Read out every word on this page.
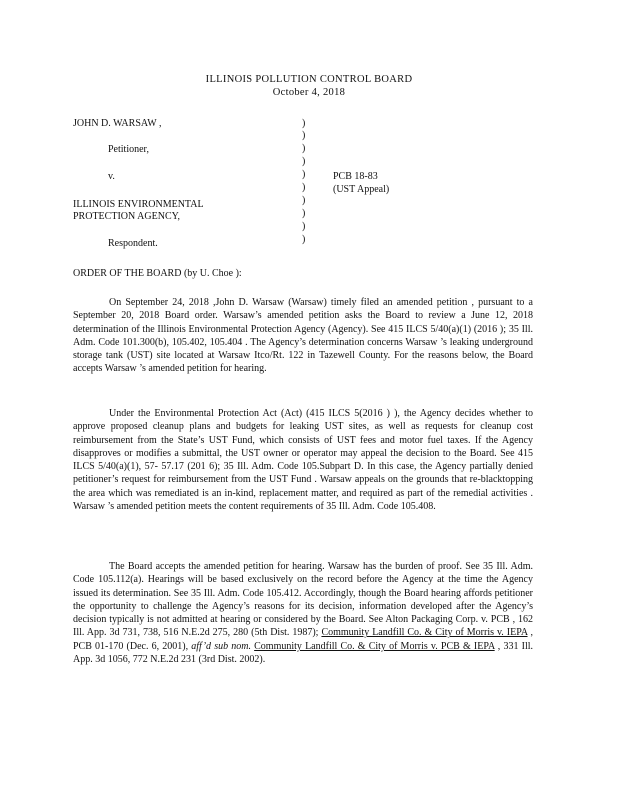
ILLINOIS POLLUTION CONTROL BOARD
October 4, 2018
JOHN D. WARSAW ,
Petitioner,
v.
ILLINOIS ENVIRONMENTAL
PROTECTION AGENCY,
Respondent.
)
)
)
)
)
)
)
)
)
)
PCB 18-83
(UST Appeal)
ORDER OF THE BOARD (by U. Choe ):

On September 24, 2018 ,John D. Warsaw (Warsaw) timely filed an amended petition , pursuant to a September 20, 2018 Board order. Warsaw’s amended petition asks the Board to review a June 12, 2018 determination of the Illinois Environmental Protection Agency (Agency). See 415 ILCS 5/40(a)(1) (2016 ); 35 Ill. Adm. Code 101.300(b), 105.402, 105.404 . The Agency’s determination concerns Warsaw ’s leaking underground storage tank (UST) site located at Warsaw Itco/Rt. 122 in Tazewell County. For the reasons below, the Board accepts Warsaw ’s amended petition for hearing.

Under the Environmental Protection Act (Act) (415 ILCS 5(2016 ) ), the Agency decides whether to approve proposed cleanup plans and budgets for leaking UST sites, as well as requests for cleanup cost reimbursement from the State’s UST Fund, which consists of UST fees and motor fuel taxes. If the Agency disapproves or modifies a submittal, the UST owner or operator may appeal the decision to the Board. See 415 ILCS 5/40(a)(1), 57- 57.17 (201 6); 35 Ill. Adm. Code 105.Subpart D. In this case, the Agency partially denied petitioner’s request for reimbursement from the UST Fund . Warsaw appeals on the grounds that re-blacktopping the area which was remediated is an in-kind, replacement matter, and required as part of the remedial activities . Warsaw ’s amended petition meets the content requirements of 35 Ill. Adm. Code 105.408.

The Board accepts the amended petition for hearing. Warsaw has the burden of proof. See 35 Ill. Adm. Code 105.112(a). Hearings will be based exclusively on the record before the Agency at the time the Agency issued its determination. See 35 Ill. Adm. Code 105.412. Accordingly, though the Board hearing affords petitioner the opportunity to challenge the Agency’s reasons for its decision, information developed after the Agency’s decision typically is not admitted at hearing or considered by the Board. See Alton Packaging Corp. v. PCB , 162 Ill. App. 3d 731, 738, 516 N.E.2d 275, 280 (5th Dist. 1987); Community Landfill Co. & City of Morris v. IEPA , PCB 01-170 (Dec. 6, 2001), aff’d sub nom. Community Landfill Co. & City of Morris v. PCB & IEPA , 331 Ill. App. 3d 1056, 772 N.E.2d 231 (3rd Dist. 2002).
